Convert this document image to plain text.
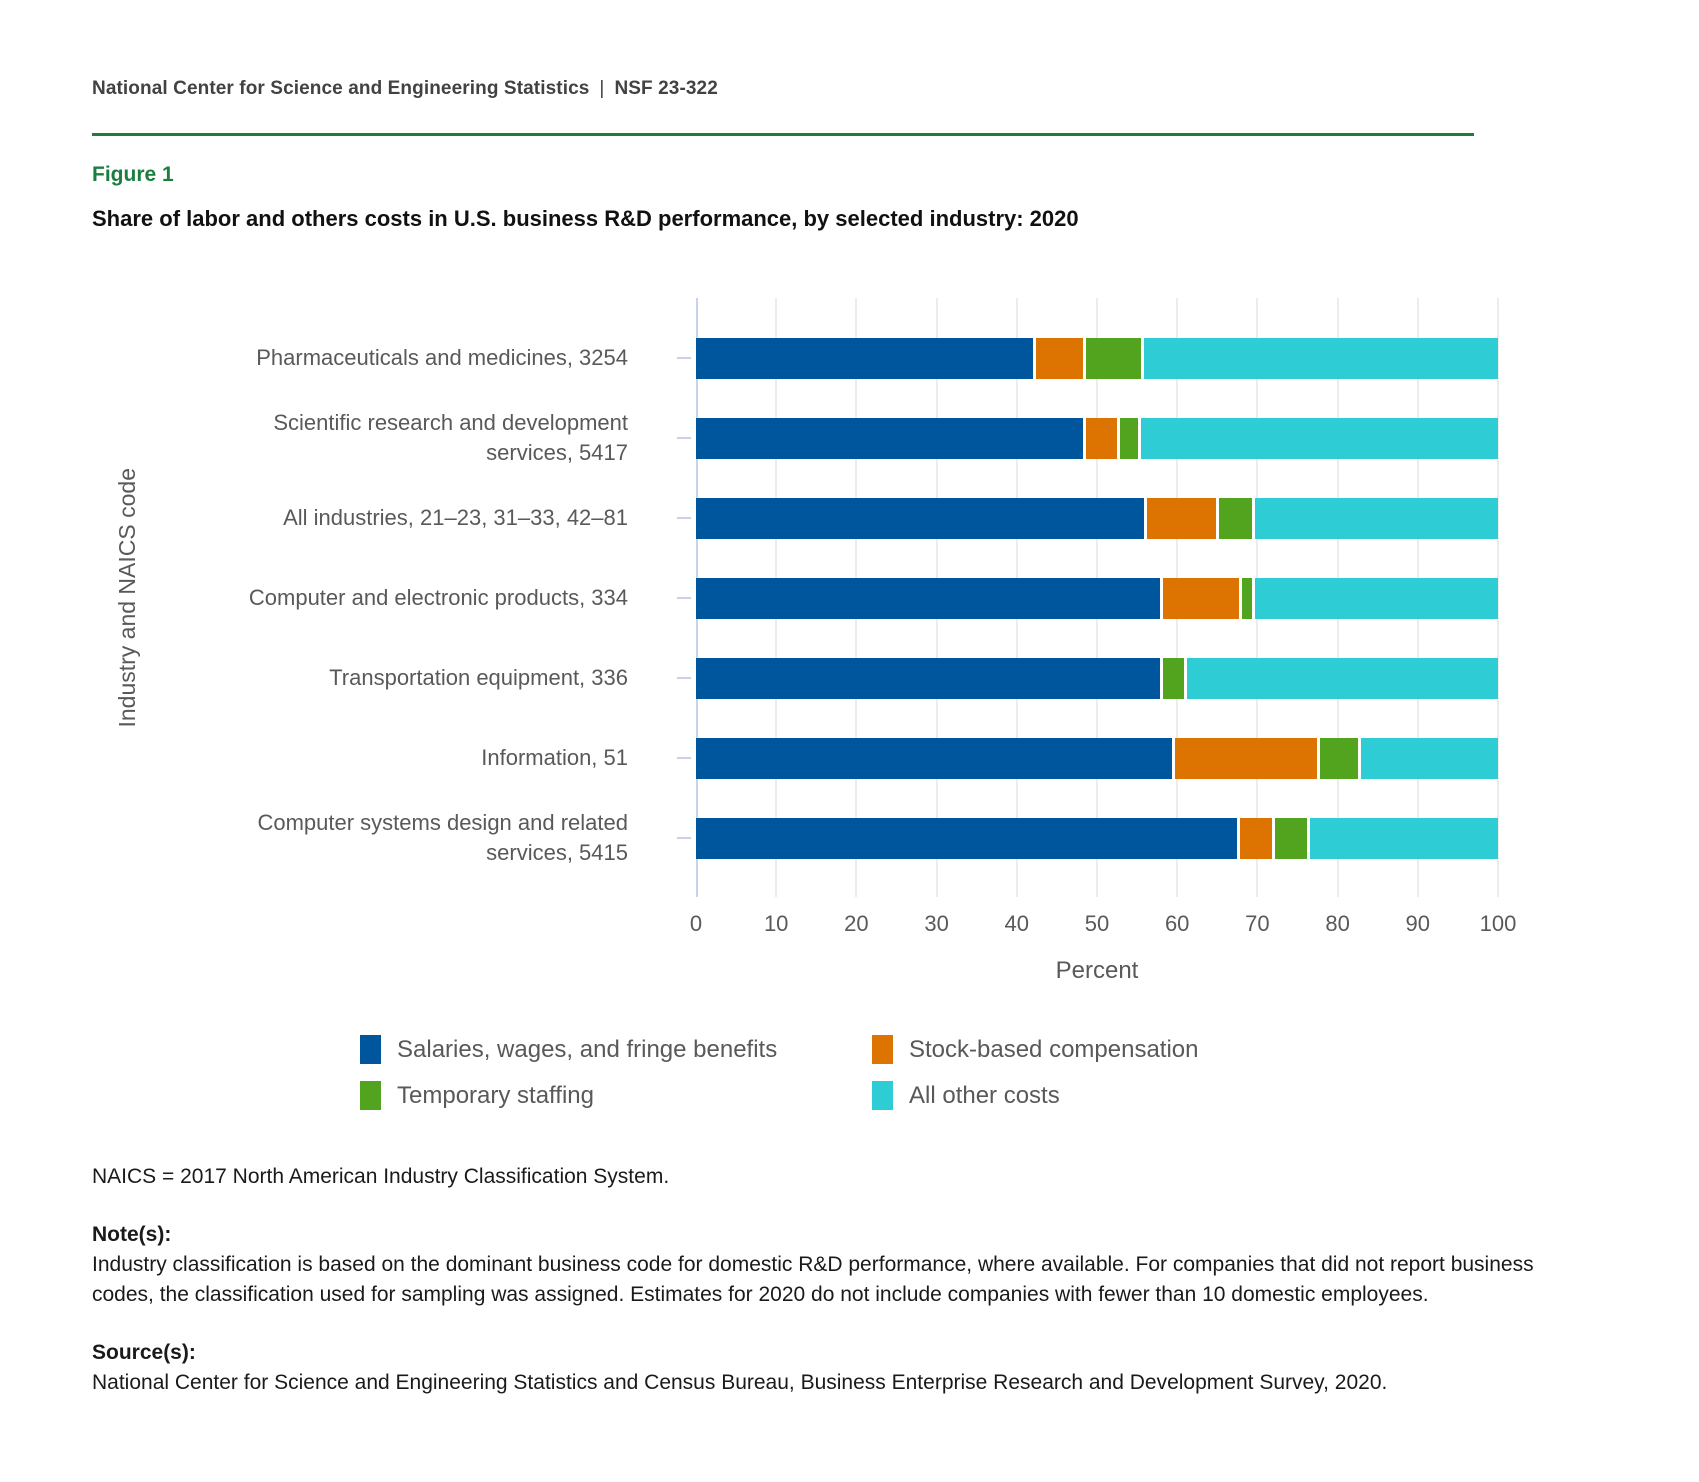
National Center for Science and Engineering Statistics | NSF 23-322
Figure 1
Share of labor and others costs in U.S. business R&D performance, by selected industry: 2020
Industry and NAICS code
Pharmaceuticals and medicines, 3254
Scientific research and development services, 5417
All industries, 21–23, 31–33, 42–81
Computer and electronic products, 334
Transportation equipment, 336
Information, 51
Computer systems design and related services, 5415
0	10	20	30	40	50	60	70	80	90 100
Percent
Salaries, wages, and fringe benefits	Stock-based compensation
Temporary staffing	All other costs
NAICS = 2017 North American Industry Classification System.
Note(s):
Industry classification is based on the dominant business code for domestic R&D performance, where available. For companies that did not report business codes, the classification used for sampling was assigned. Estimates for 2020 do not include companies with fewer than 10 domestic employees.
Source(s):
National Center for Science and Engineering Statistics and Census Bureau, Business Enterprise Research and Development Survey, 2020.
